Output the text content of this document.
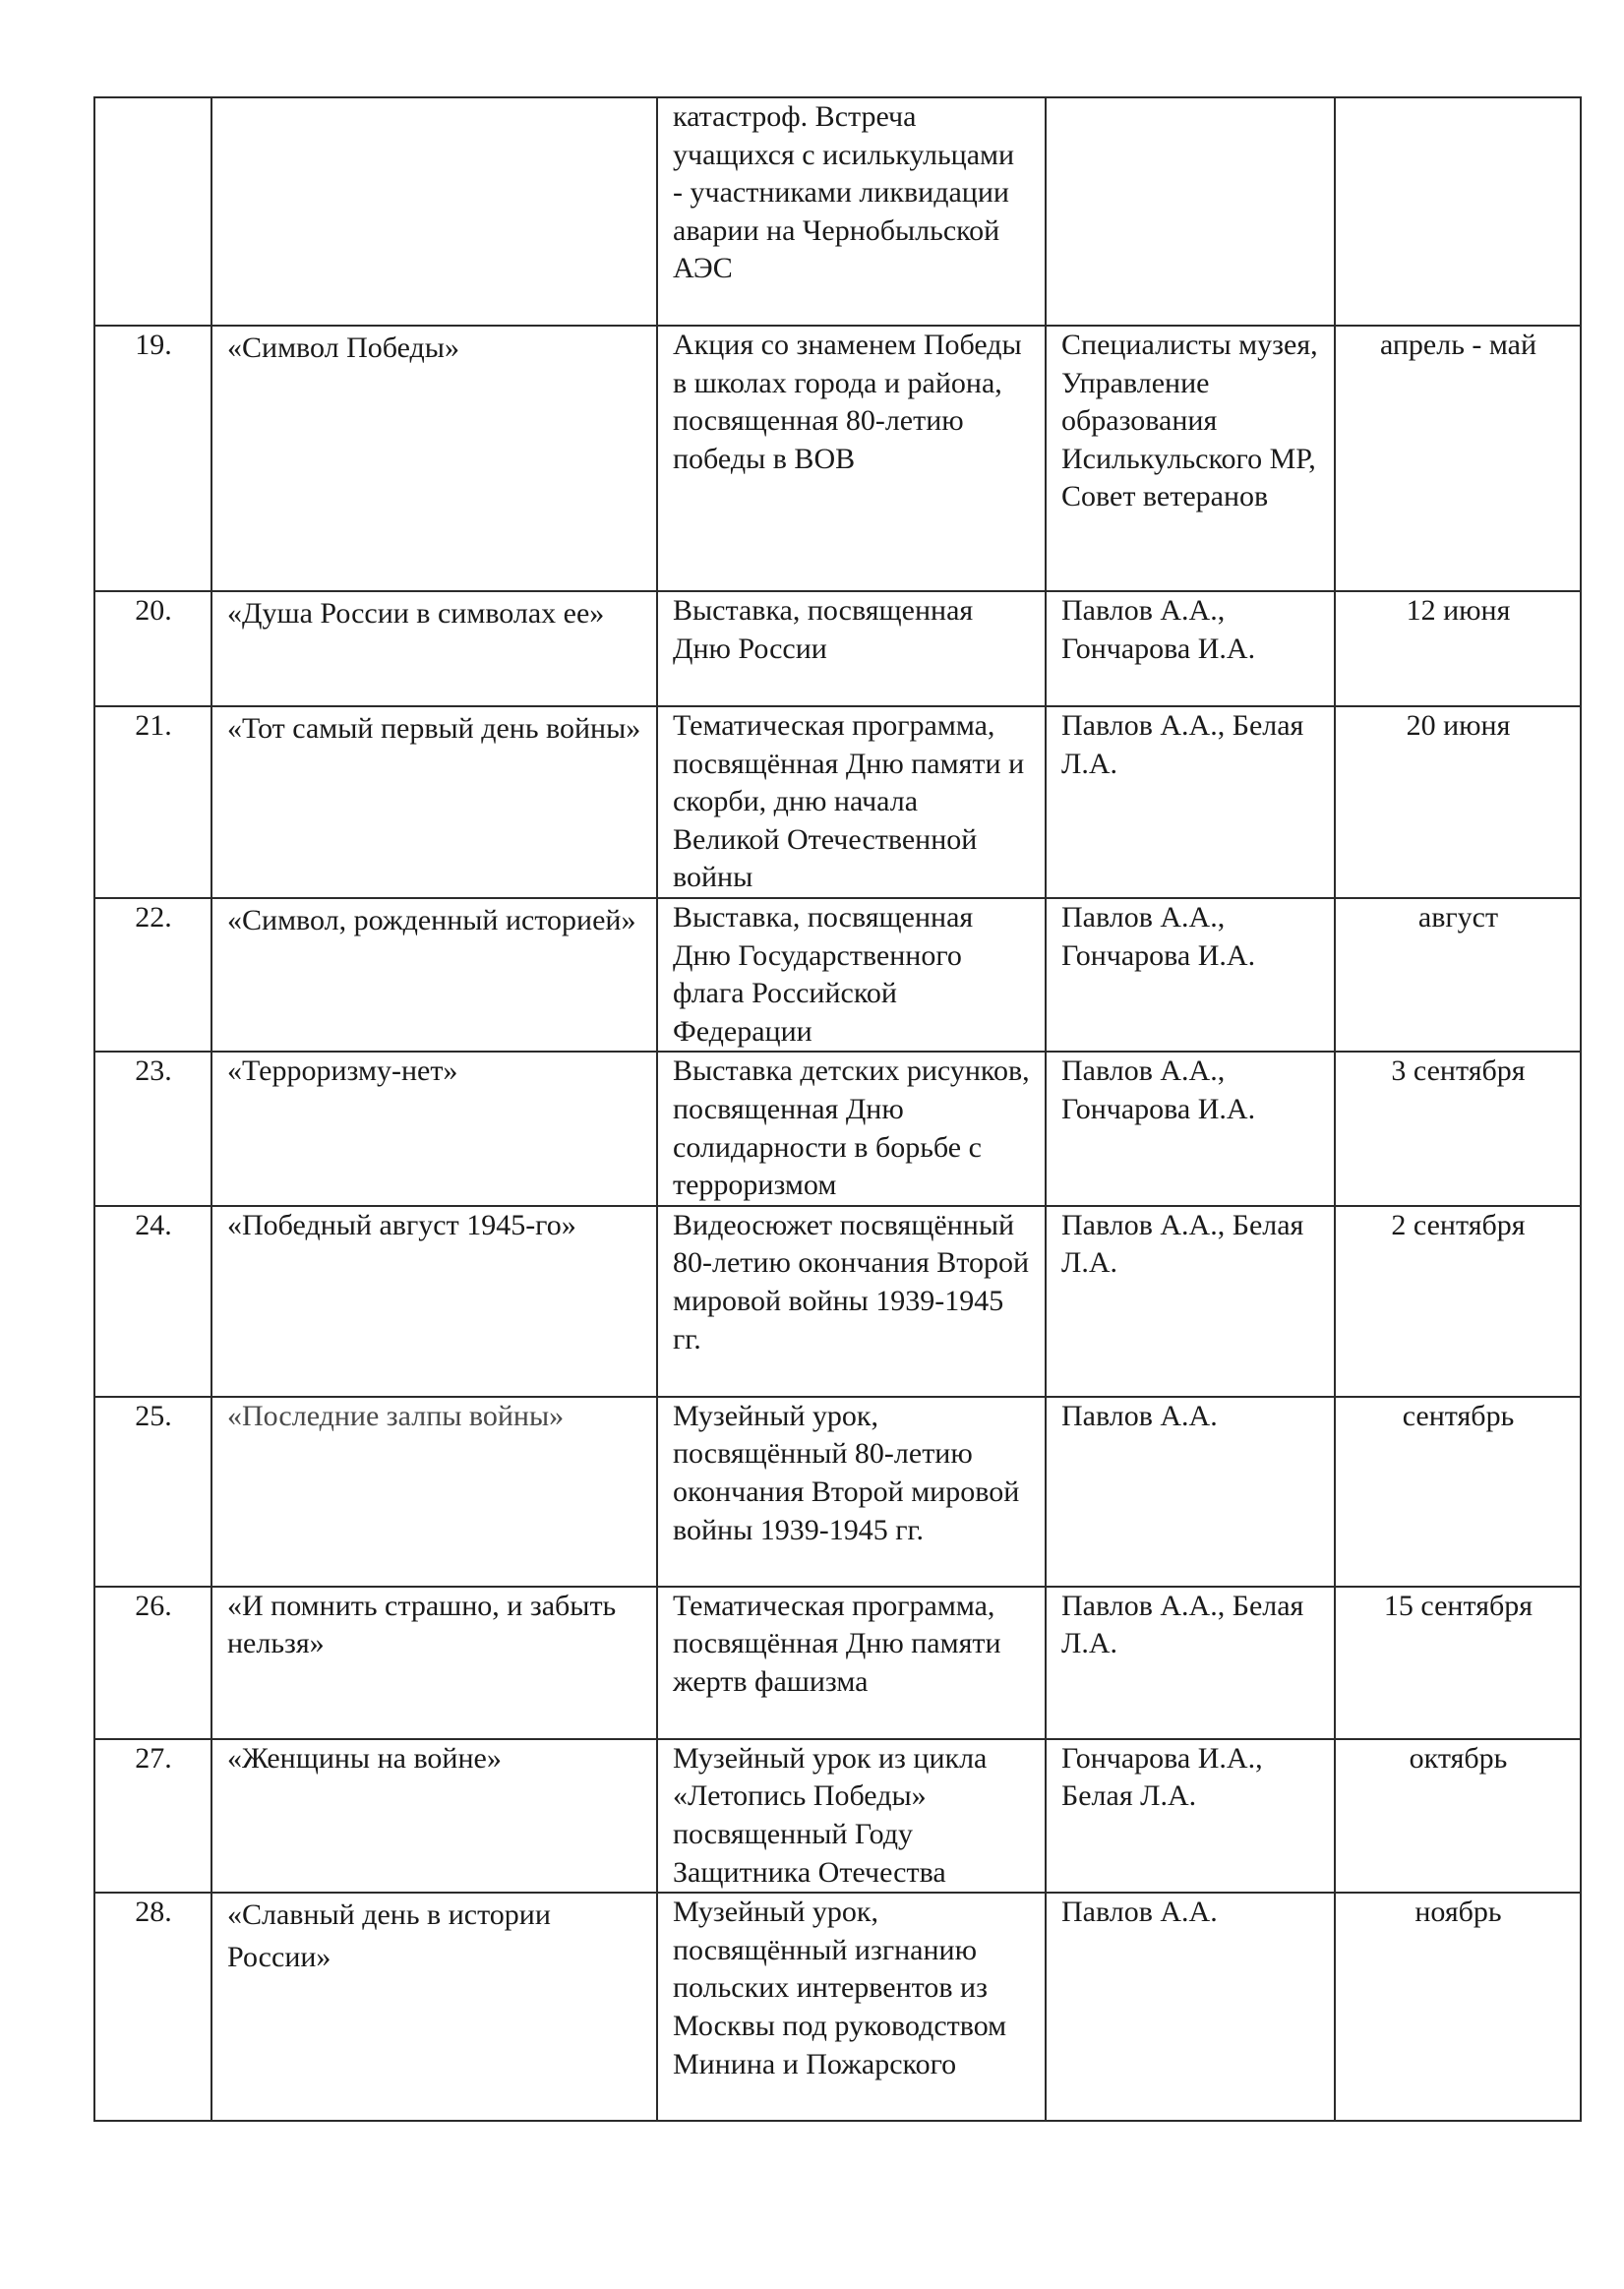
		катастроф. Встреча учащихся с исилькульцами - участниками ликвидации аварии на Чернобыльской АЭС		
19.	«Символ Победы»	Акция со знаменем Победы в школах города и района, посвященная 80-летию победы в ВОВ	Специалисты музея, Управление образования Исилькульского МР, Совет ветеранов	апрель - май
20.	«Душа России в символах ее»	Выставка, посвященная Дню России	Павлов А.А., Гончарова И.А.	12 июня
21.	«Тот самый первый день войны»	Тематическая программа, посвящённая Дню памяти и скорби, дню начала Великой Отечественной войны	Павлов А.А., Белая Л.А.	20 июня
22.	«Символ, рожденный историей»	Выставка, посвященная Дню Государственного флага Российской Федерации	Павлов А.А., Гончарова И.А.	август
23.	«Терроризму-нет»	Выставка детских рисунков, посвященная Дню солидарности в борьбе с терроризмом	Павлов А.А., Гончарова И.А.	3 сентября
24.	«Победный август 1945-го»	Видеосюжет посвящённый 80-летию окончания Второй мировой войны 1939-1945 гг.	Павлов А.А., Белая Л.А.	2 сентября
25.	«Последние залпы войны»	Музейный урок, посвящённый 80-летию окончания Второй мировой войны 1939-1945 гг.	Павлов А.А.	сентябрь
26.	«И помнить страшно, и забыть нельзя»	Тематическая программа, посвящённая Дню памяти жертв фашизма	Павлов А.А., Белая Л.А.	15 сентября
27.	«Женщины на войне»	Музейный урок из цикла «Летопись Победы» посвященный Году Защитника Отечества	Гончарова И.А., Белая Л.А.	октябрь
28.	«Славный день в истории России»	Музейный урок, посвящённый изгнанию польских интервентов из Москвы под руководством Минина и Пожарского	Павлов А.А.	ноябрь
